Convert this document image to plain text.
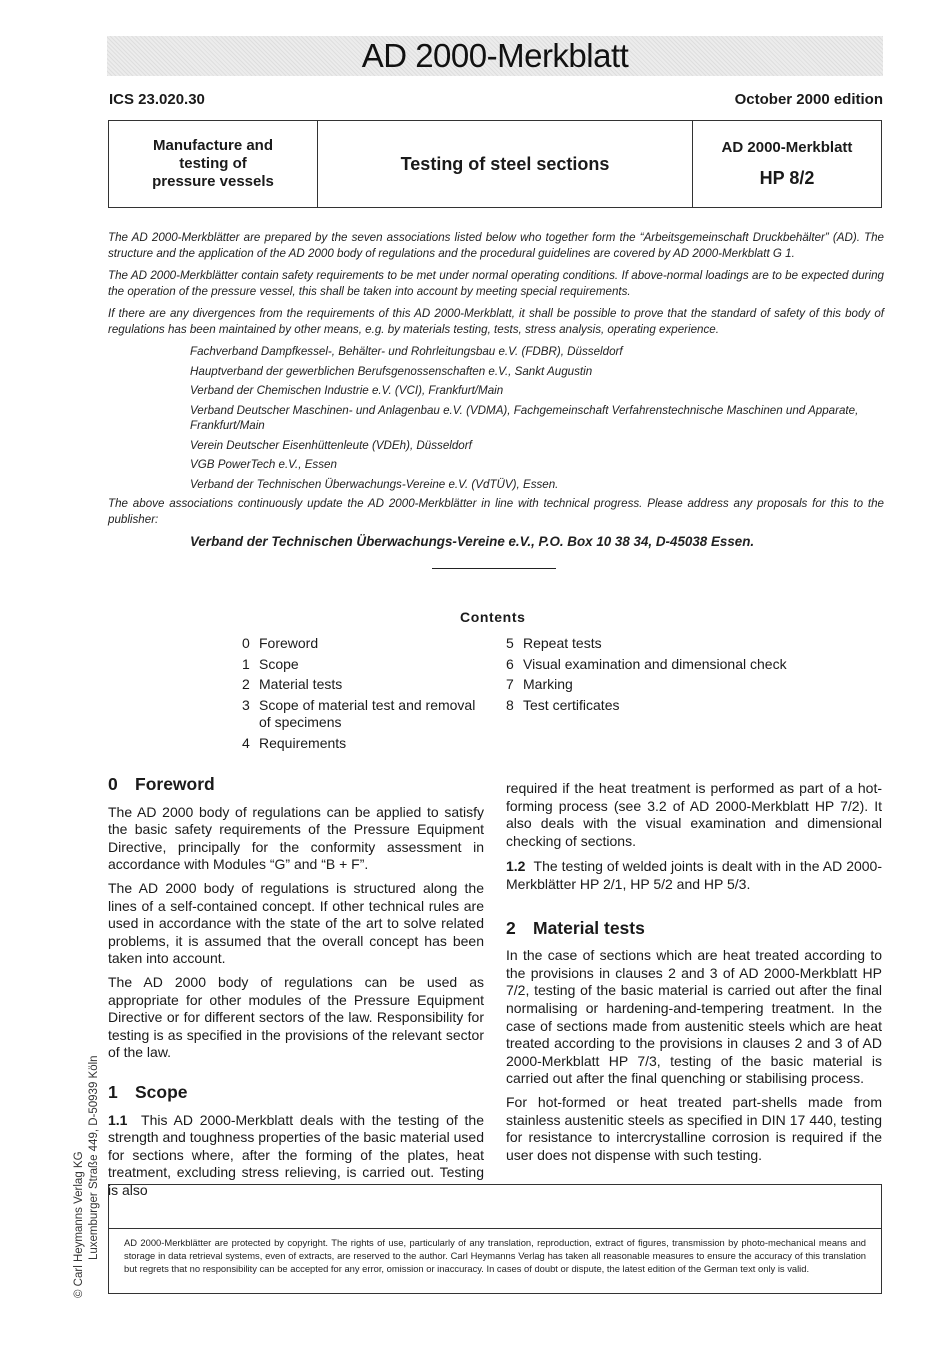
AD 2000-Merkblatt
ICS 23.020.30	October 2000 edition
Manufacture and
testing of
pressure vessels
Testing of steel sections
AD 2000-Merkblatt
HP 8/2

The AD 2000-Merkblätter are prepared by the seven associations listed below who together form the “Arbeitsgemeinschaft Druckbehälter” (AD). The structure and the application of the AD 2000 body of regulations and the procedural guidelines are covered by AD 2000-Merkblatt G 1.

The AD 2000-Merkblätter contain safety requirements to be met under normal operating conditions. If above-normal loadings are to be expected during the operation of the pressure vessel, this shall be taken into account by meeting special requirements.

If there are any divergences from the requirements of this AD 2000-Merkblatt, it shall be possible to prove that the standard of safety of this body of regulations has been maintained by other means, e.g. by materials testing, tests, stress analysis, operating experience.

Fachverband Dampfkessel-, Behälter- und Rohrleitungsbau e.V. (FDBR), Düsseldorf
Hauptverband der gewerblichen Berufsgenossenschaften e.V., Sankt Augustin
Verband der Chemischen Industrie e.V. (VCI), Frankfurt/Main
Verband Deutscher Maschinen- und Anlagenbau e.V. (VDMA), Fachgemeinschaft Verfahrenstechnische Maschinen und Apparate, Frankfurt/Main
Verein Deutscher Eisenhüttenleute (VDEh), Düsseldorf
VGB PowerTech e.V., Essen
Verband der Technischen Überwachungs-Vereine e.V. (VdTÜV), Essen.

The above associations continuously update the AD 2000-Merkblätter in line with technical progress. Please address any proposals for this to the publisher:

Verband der Technischen Überwachungs-Vereine e.V., P.O. Box 10 38 34, D-45038 Essen.

Contents
0 Foreword
1 Scope
2 Material tests
3 Scope of material test and removal of specimens
4 Requirements
5 Repeat tests
6 Visual examination and dimensional check
7 Marking
8 Test certificates
0 Foreword

The AD 2000 body of regulations can be applied to satisfy the basic safety requirements of the Pressure Equipment Directive, principally for the conformity assessment in accordance with Modules “G” and “B + F”.

The AD 2000 body of regulations is structured along the lines of a self-contained concept. If other technical rules are used in accordance with the state of the art to solve related problems, it is assumed that the overall concept has been taken into account.

The AD 2000 body of regulations can be used as appropriate for other modules of the Pressure Equipment Directive or for different sectors of the law. Responsibility for testing is as specified in the provisions of the relevant sector of the law.

1 Scope

1.1 This AD 2000-Merkblatt deals with the testing of the strength and toughness properties of the basic material used for sections where, after the forming of the plates, heat treatment, excluding stress relieving, is carried out. Testing is also

required if the heat treatment is performed as part of a hot-forming process (see 3.2 of AD 2000-Merkblatt HP 7/2). It also deals with the visual examination and dimensional checking of sections.

1.2 The testing of welded joints is dealt with in the AD 2000-Merkblätter HP 2/1, HP 5/2 and HP 5/3.

2 Material tests

In the case of sections which are heat treated according to the provisions in clauses 2 and 3 of AD 2000-Merkblatt HP 7/2, testing of the basic material is carried out after the final normalising or hardening-and-tempering treatment. In the case of sections made from austenitic steels which are heat treated according to the provisions in clauses 2 and 3 of AD 2000-Merkblatt HP 7/3, testing of the basic material is carried out after the final quenching or stabilising process.

For hot-formed or heat treated part-shells made from stainless austenitic steels as specified in DIN 17 440, testing for resistance to intercrystalline corrosion is required if the user does not dispense with such testing.

© Carl Heymanns Verlag KG Luxemburger Straße 449, D-50939 Köln	AD 2000-Merkblätter are protected by copyright. The rights of use, particularly of any translation, reproduction, extract of figures, transmission by photo-mechanical means and storage in data retrieval systems, even of extracts, are reserved to the author. Carl Heymanns Verlag has taken all reasonable measures to ensure the accuracy of this translation but regrets that no responsibility can be accepted for any error, omission or inaccuracy. In cases of doubt or dispute, the latest edition of the German text only is valid.
